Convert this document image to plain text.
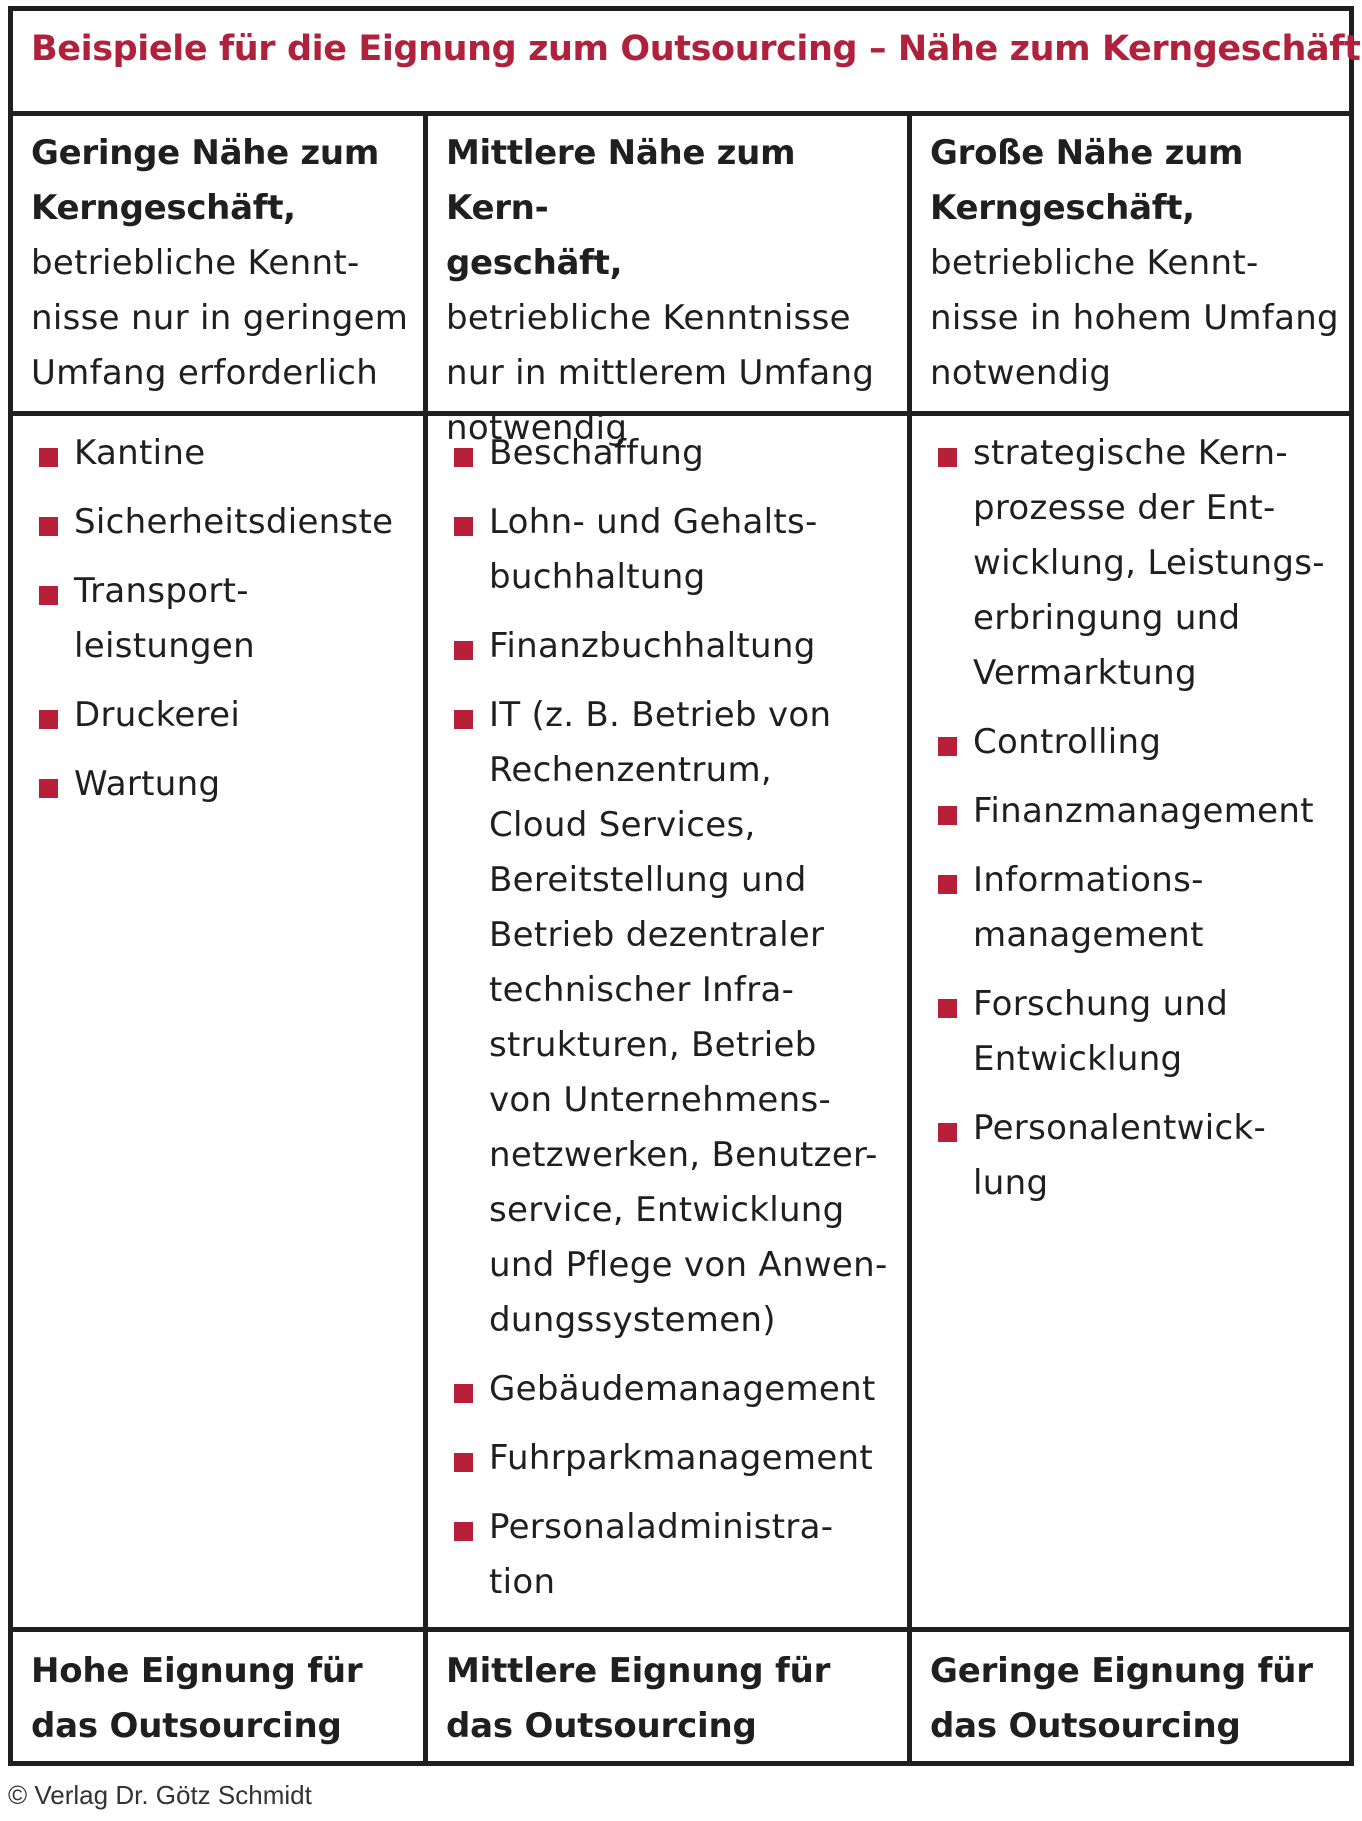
Beispiele für die Eignung zum Outsourcing – Nähe zum Kerngeschäft
Geringe Nähe zum
Kerngeschäft,
betriebliche Kennt-
nisse nur in geringem
Umfang erforderlich
Mittlere Nähe zum Kern-
geschäft,
betriebliche Kenntnisse
nur in mittlerem Umfang
notwendig
Große Nähe zum
Kerngeschäft,
betriebliche Kennt-
nisse in hohem Umfang
notwendig
Kantine
Sicherheitsdienste
Transport-
leistungen
Druckerei
Wartung
Beschaffung
Lohn- und Gehalts-
buchhaltung
Finanzbuchhaltung
IT (z. B. Betrieb von
Rechenzentrum,
Cloud Services,
Bereitstellung und
Betrieb dezentraler
technischer Infra-
strukturen, Betrieb
von Unternehmens-
netzwerken, Benutzer-
service, Entwicklung
und Pflege von Anwen-
dungssystemen)
Gebäudemanagement
Fuhrparkmanagement
Personaladministra-
tion
strategische Kern-
prozesse der Ent-
wicklung, Leistungs-
erbringung und
Vermarktung
Controlling
Finanzmanagement
Informations-
management
Forschung und
Entwicklung
Personalentwick-
lung
Hohe Eignung für
das Outsourcing
Mittlere Eignung für
das Outsourcing
Geringe Eignung für
das Outsourcing
© Verlag Dr. Götz Schmidt
